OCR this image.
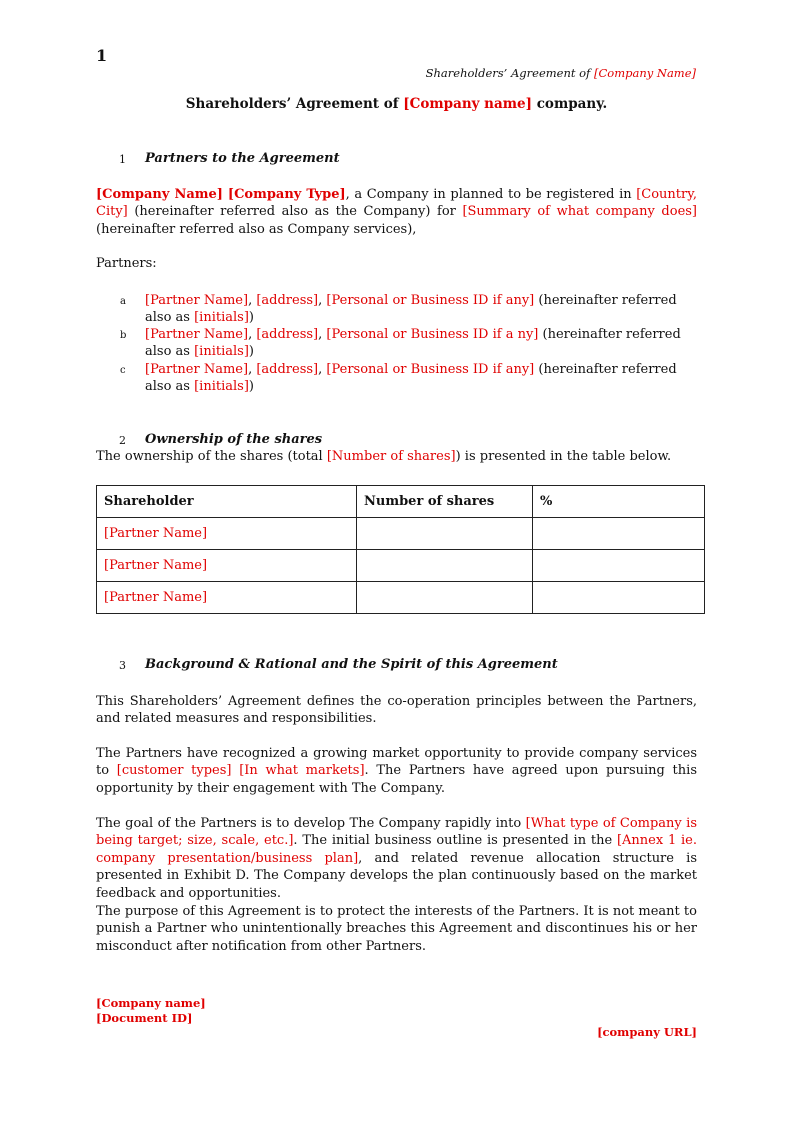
1
Shareholders’ Agreement of [Company Name]
Shareholders’ Agreement of [Company name] company.
1 Partners to the Agreement
[Company Name] [Company Type], a Company in planned to be registered in [Country, City] (hereinafter referred also as the Company) for [Summary of what company does] (hereinafter referred also as Company services),
Partners:
a [Partner Name], [address], [Personal or Business ID if any] (hereinafter referred also as [initials])
b [Partner Name], [address], [Personal or Business ID if a ny] (hereinafter referred also as [initials])
c [Partner Name], [address], [Personal or Business ID if any] (hereinafter referred also as [initials])
2 Ownership of the shares
The ownership of the shares (total [Number of shares]) is presented in the table below.
Shareholder	Number of shares	%
[Partner Name]		
[Partner Name]		
[Partner Name]		
3 Background & Rational and the Spirit of this Agreement
This Shareholders’ Agreement defines the co-operation principles between the Partners, and related measures and responsibilities.
The Partners have recognized a growing market opportunity to provide company services to [customer types] [In what markets]. The Partners have agreed upon pursuing this opportunity by their engagement with The Company.
The goal of the Partners is to develop The Company rapidly into [What type of Company is being target; size, scale, etc.]. The initial business outline is presented in the [Annex 1 ie. company presentation/business plan], and related revenue allocation structure is presented in Exhibit D. The Company develops the plan continuously based on the market feedback and opportunities.
The purpose of this Agreement is to protect the interests of the Partners. It is not meant to punish a Partner who unintentionally breaches this Agreement and discontinues his or her misconduct after notification from other Partners.
[Company name]
[Document ID]
[company URL]
